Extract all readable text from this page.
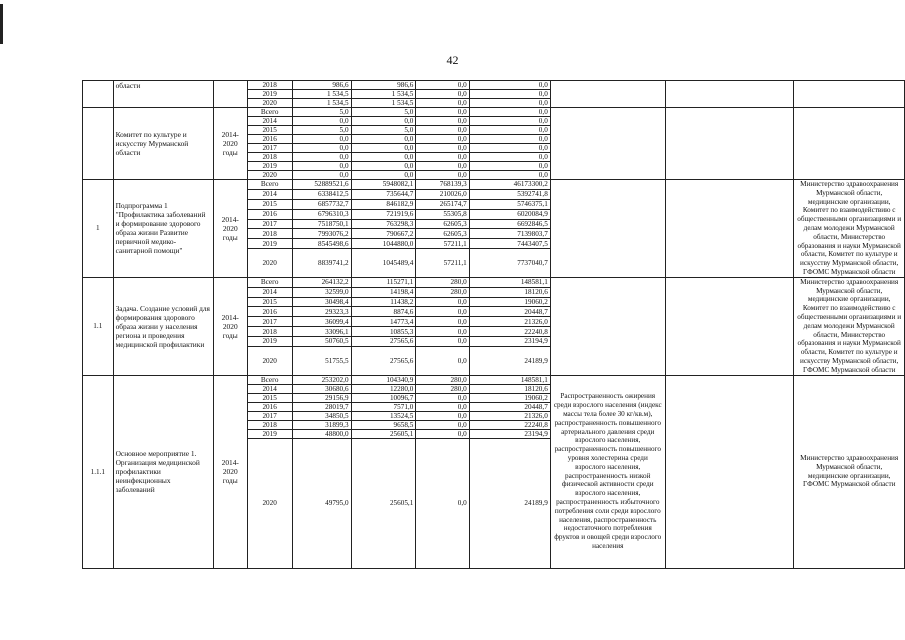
42
	области		2018	986,6	986,6	0,0	0,0			
			2019	1 534,5	1 534,5	0,0	0,0			
			2020	1 534,5	1 534,5	0,0	0,0			
	Комитет по культуре и искусству Мурманской области	2014-2020 годы	Всего	5,0	5,0	0,0	0,0			
			2014	0,0	0,0	0,0	0,0			
			2015	5,0	5,0	0,0	0,0			
			2016	0,0	0,0	0,0	0,0			
			2017	0,0	0,0	0,0	0,0			
			2018	0,0	0,0	0,0	0,0			
			2019	0,0	0,0	0,0	0,0			
			2020	0,0	0,0	0,0	0,0			
1	Подпрограмма 1 "Профилактика заболеваний и формирование здорового образа жизни Развитие первичной медико-санитарной помощи"	2014-2020 годы	Всего	52889521,6	5948082,1	768139,3	46173300,2			Министерство здравоохранения Мурманской области, медицинские организации, Комитет по взаимодействию с общественными организациями и делам молодежи Мурманской области, Министерство образования и науки Мурманской области, Комитет по культуре и искусству Мурманской области, ГФОМС Мурманской области
			2014	6338412,5	735644,7	210026,0	5392741,8			
			2015	6857732,7	846182,9	265174,7	5746375,1			
			2016	6796310,3	721919,6	55305,8	6020084,9			
			2017	7518750,1	763298,3	62605,3	6692846,5			
			2018	7993076,2	790667,2	62605,3	7139803,7			
			2019	8545498,6	1044880,0	57211,1	7443407,5			
			2020	8839741,2	1045489,4	57211,1	7737040,7			
1.1	Задача. Создание условий для формирования здорового образа жизни у населения региона и проведения медицинской профилактики	2014-2020 годы	Всего	264132,2	115271,1	280,0	148581,1			Министерство здравоохранения Мурманской области, медицинские организации, Комитет по взаимодействию с общественными организациями и делам молодежи Мурманской области, Министерство образования и науки Мурманской области, Комитет по культуре и искусству Мурманской области, ГФОМС Мурманской области
			2014	32599,0	14198,4	280,0	18120,6			
			2015	30498,4	11438,2	0,0	19060,2			
			2016	29323,3	8874,6	0,0	20448,7			
			2017	36099,4	14773,4	0,0	21326,0			
			2018	33096,1	10855,3	0,0	22240,8			
			2019	50760,5	27565,6	0,0	23194,9			
			2020	51755,5	27565,6	0,0	24189,9			
1.1.1	Основное мероприятие 1. Организация медицинской профилактики неинфекционных заболеваний	2014-2020 годы	Всего	253202,0	104340,9	280,0	148581,1	Распространенность ожирения среди взрослого населения (индекс массы тела более 30 кг/кв.м), распространенность повышенного артериального давления среди взрослого населения, распространенность повышенного уровня холестерина среди взрослого населения, распространенность низкой физической активности среди взрослого населения, распространенность избыточного потребления соли среди взрослого населения, распространенность недостаточного потребления фруктов и овощей среди взрослого населения		Министерство здравоохранения Мурманской области, медицинские организации, ГФОМС Мурманской области
			2014	30680,6	12280,0	280,0	18120,6			
			2015	29156,9	10096,7	0,0	19060,2			
			2016	28019,7	7571,0	0,0	20448,7			
			2017	34850,5	13524,5	0,0	21326,0			
			2018	31899,3	9658,5	0,0	22240,8			
			2019	48800,0	25605,1	0,0	23194,9			
			2020	49795,0	25605,1	0,0	24189,9			
